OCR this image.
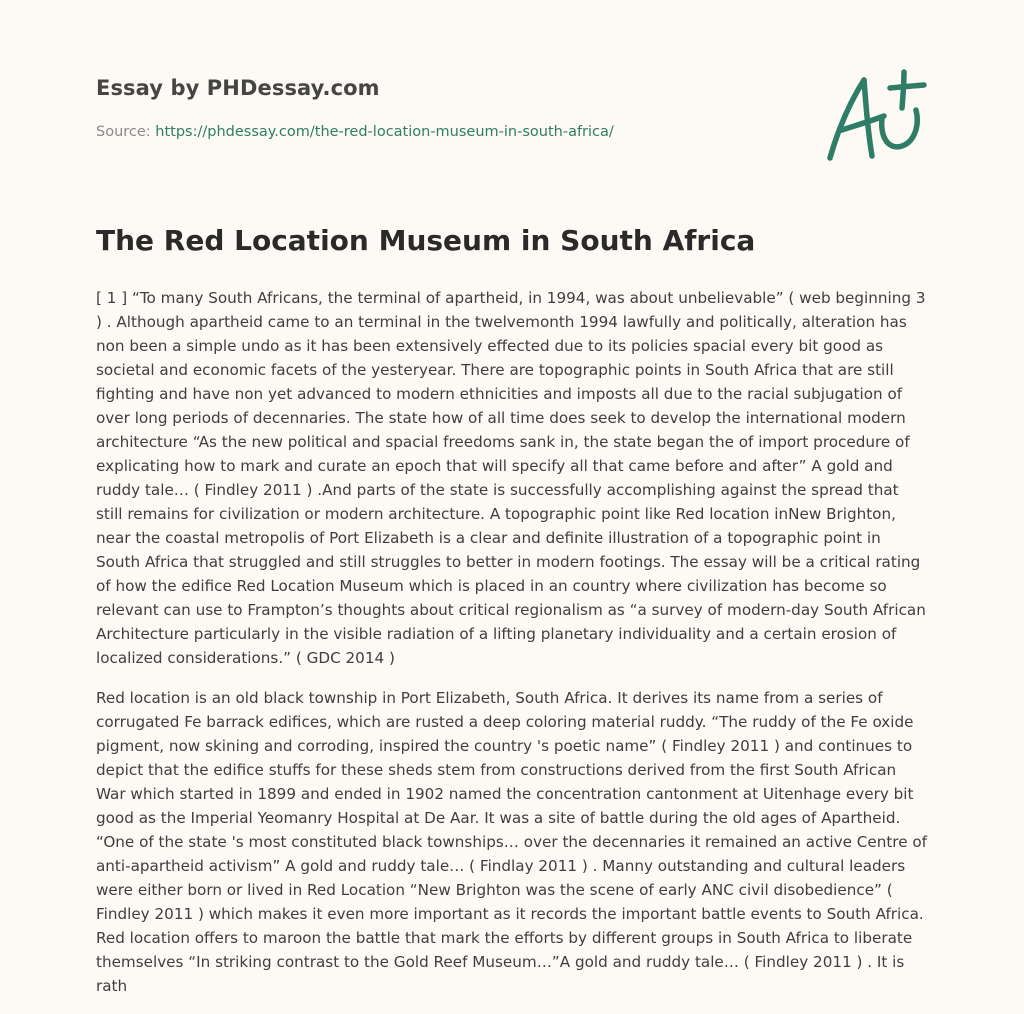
Essay by PHDessay.com
Source: https://phdessay.com/the-red-location-museum-in-south-africa/
The Red Location Museum in South Africa

[ 1 ] “To many South Africans, the terminal of apartheid, in 1994, was about unbelievable” ( web beginning 3 ) . Although apartheid came to an terminal in the twelvemonth 1994 lawfully and politically, alteration has non been a simple undo as it has been extensively effected due to its policies spacial every bit good as societal and economic facets of the yesteryear. There are topographic points in South Africa that are still fighting and have non yet advanced to modern ethnicities and imposts all due to the racial subjugation of over long periods of decennaries. The state how of all time does seek to develop the international modern architecture “As the new political and spacial freedoms sank in, the state began the of import procedure of explicating how to mark and curate an epoch that will specify all that came before and after” A gold and ruddy tale… ( Findley 2011 ) .And parts of the state is successfully accomplishing against the spread that still remains for civilization or modern architecture. A topographic point like Red location inNew Brighton, near the coastal metropolis of Port Elizabeth is a clear and definite illustration of a topographic point in South Africa that struggled and still struggles to better in modern footings. The essay will be a critical rating of how the edifice Red Location Museum which is placed in an country where civilization has become so relevant can use to Frampton’s thoughts about critical regionalism as “a survey of modern-day South African Architecture particularly in the visible radiation of a lifting planetary individuality and a certain erosion of localized considerations.” ( GDC 2014 )

Red location is an old black township in Port Elizabeth, South Africa. It derives its name from a series of corrugated Fe barrack edifices, which are rusted a deep coloring material ruddy. “The ruddy of the Fe oxide pigment, now skining and corroding, inspired the country 's poetic name” ( Findley 2011 ) and continues to depict that the edifice stuffs for these sheds stem from constructions derived from the first South African War which started in 1899 and ended in 1902 named the concentration cantonment at Uitenhage every bit good as the Imperial Yeomanry Hospital at De Aar. It was a site of battle during the old ages of Apartheid. “One of the state 's most constituted black townships… over the decennaries it remained an active Centre of anti-apartheid activism” A gold and ruddy tale… ( Findlay 2011 ) . Manny outstanding and cultural leaders were either born or lived in Red Location “New Brighton was the scene of early ANC civil disobedience” ( Findley 2011 ) which makes it even more important as it records the important battle events to South Africa. Red location offers to maroon the battle that mark the efforts by different groups in South Africa to liberate themselves “In striking contrast to the Gold Reef Museum…”A gold and ruddy tale… ( Findley 2011 ) . It is rath
